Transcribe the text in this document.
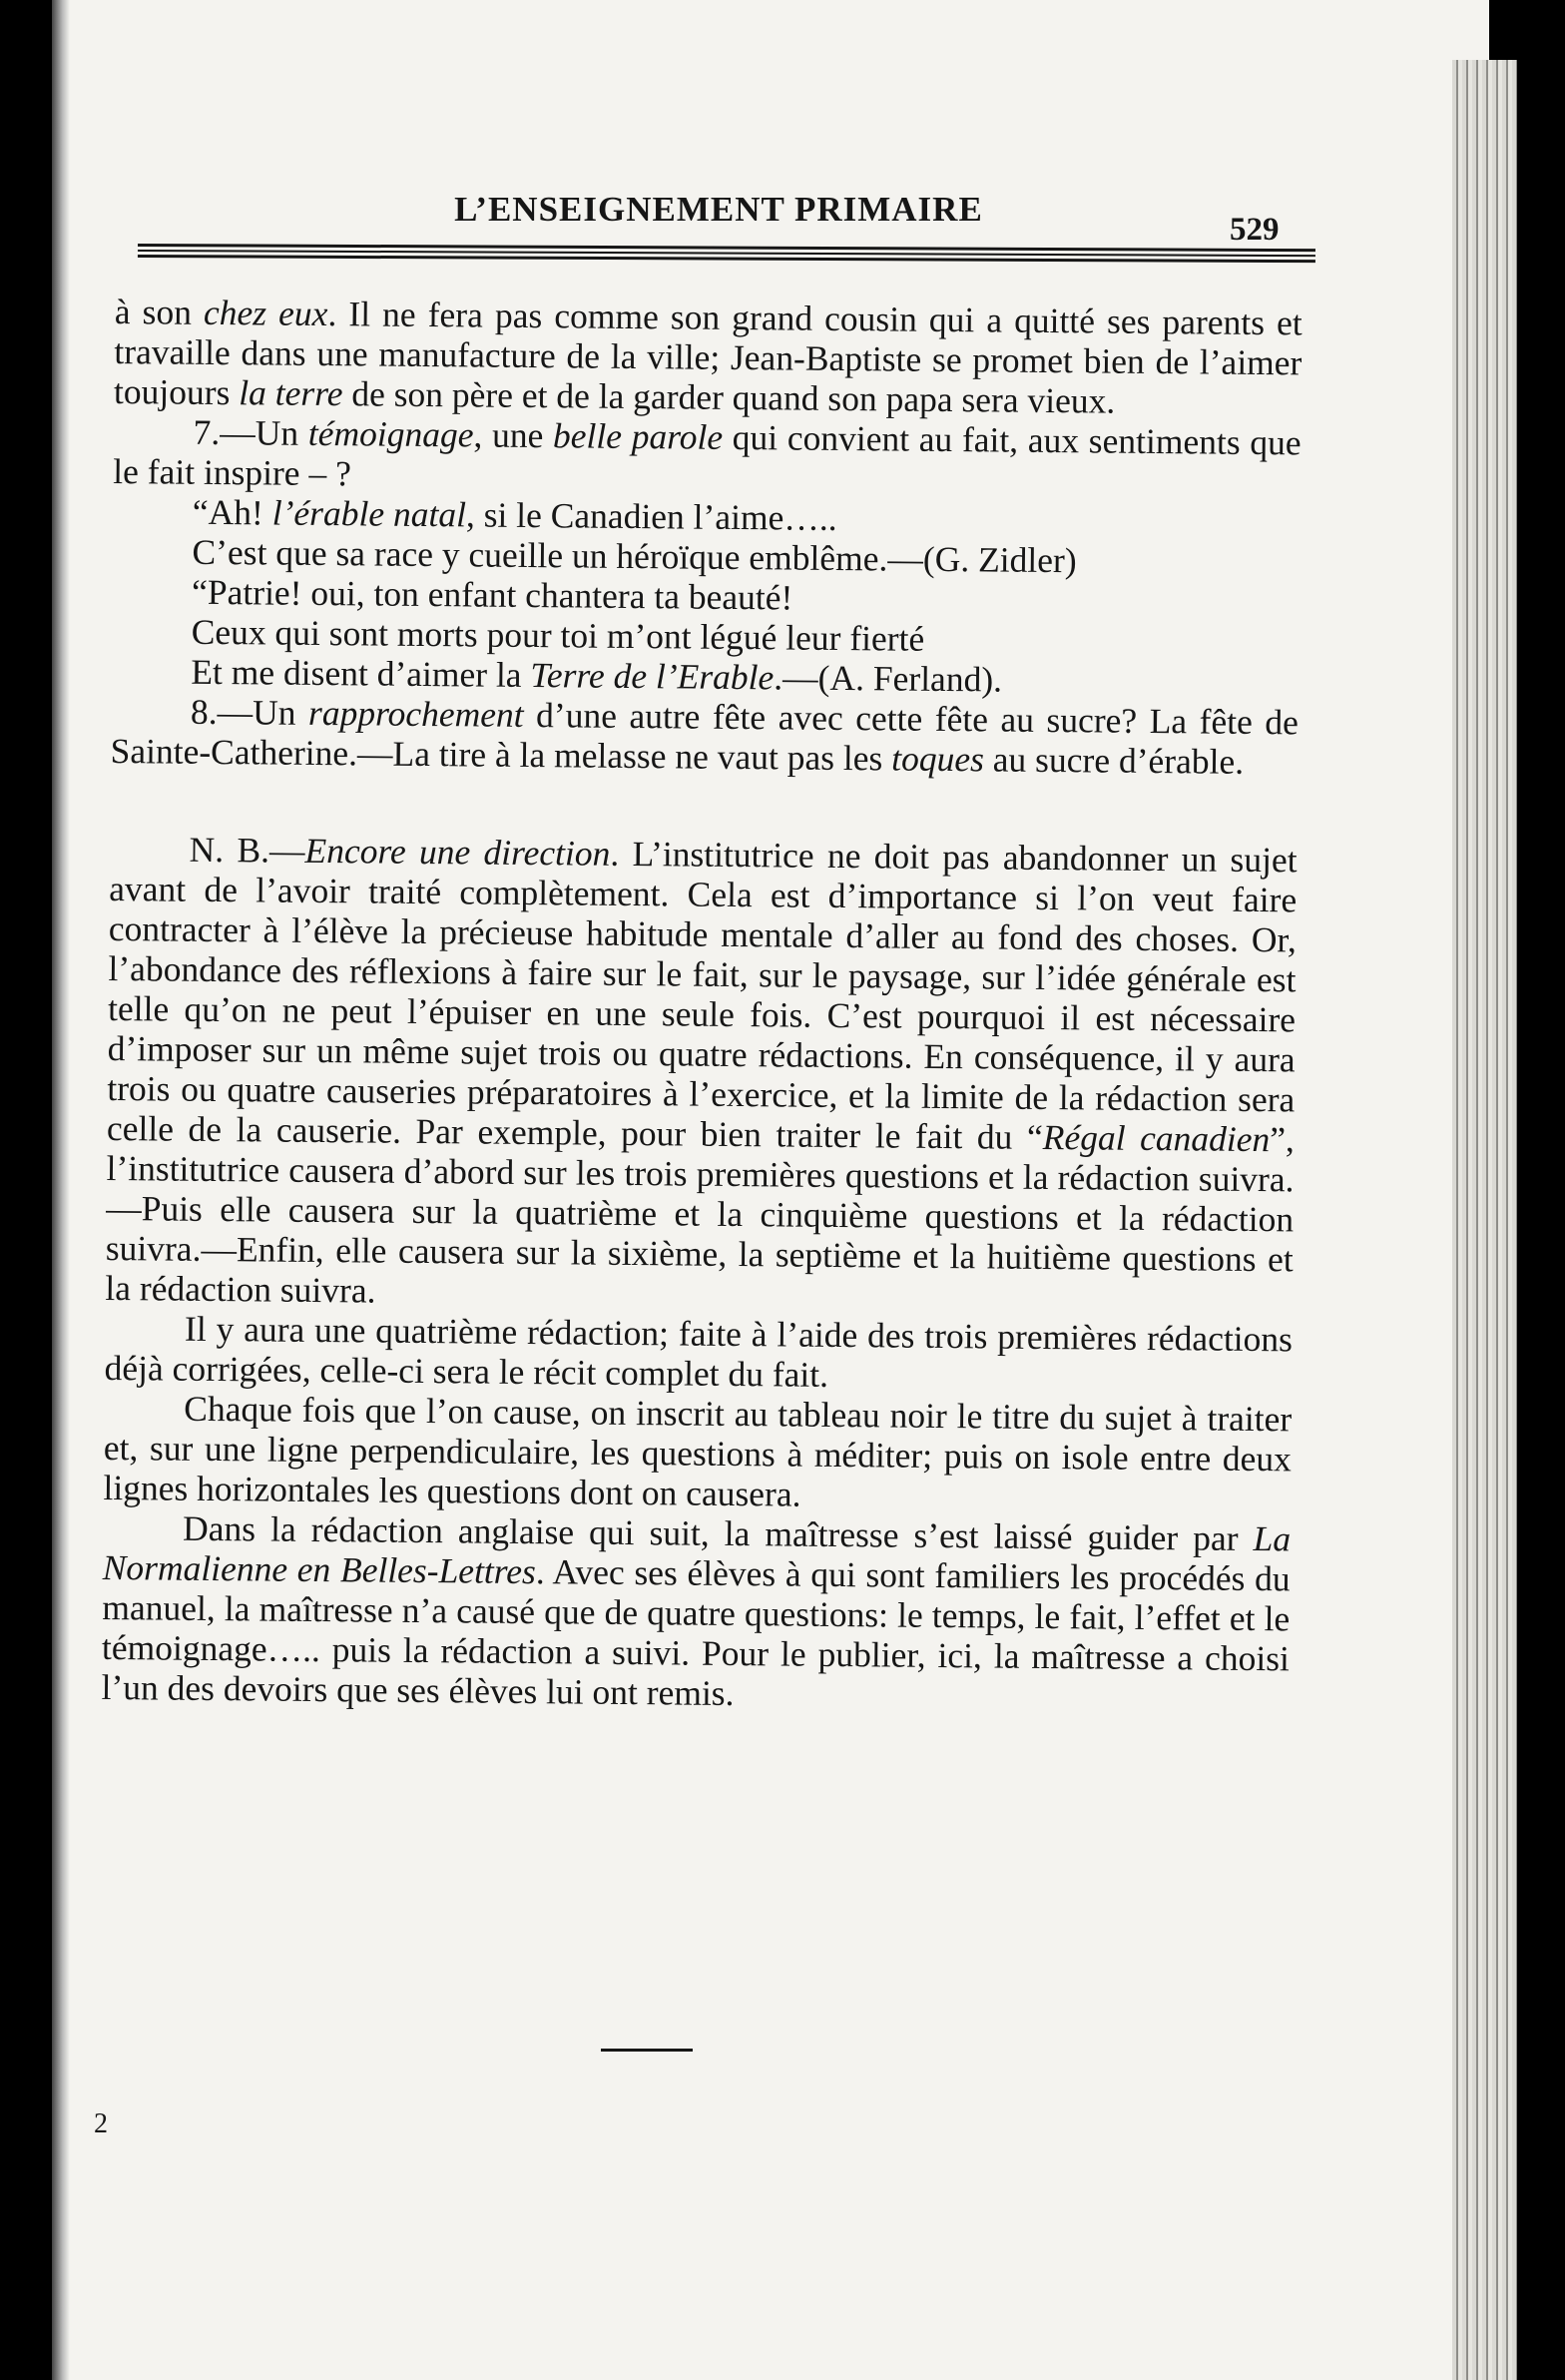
L’ENSEIGNEMENT PRIMAIRE
529

à son chez eux. Il ne fera pas comme son grand cousin qui a quitté ses parents et travaille dans une manufacture de la ville; Jean-Baptiste se promet bien de l’aimer toujours la terre de son père et de la garder quand son papa sera vieux.

7.—Un témoignage, une belle parole qui convient au fait, aux sentiments que le fait inspire – ?

“Ah! l’érable natal, si le Canadien l’aime…..

C’est que sa race y cueille un héroïque emblême.—(G. Zidler)

“Patrie! oui, ton enfant chantera ta beauté!

Ceux qui sont morts pour toi m’ont légué leur fierté

Et me disent d’aimer la Terre de l’Erable.—(A. Ferland).

8.—Un rapprochement d’une autre fête avec cette fête au sucre? La fête de Sainte-Catherine.—La tire à la melasse ne vaut pas les toques au sucre d’érable.

N. B.—Encore une direction. L’institutrice ne doit pas abandonner un sujet avant de l’avoir traité complètement. Cela est d’importance si l’on veut faire contracter à l’élève la précieuse habitude mentale d’aller au fond des choses. Or, l’abondance des réflexions à faire sur le fait, sur le paysage, sur l’idée générale est telle qu’on ne peut l’épuiser en une seule fois. C’est pourquoi il est nécessaire d’imposer sur un même sujet trois ou quatre rédactions. En conséquence, il y aura trois ou quatre causeries préparatoires à l’exercice, et la limite de la rédaction sera celle de la causerie. Par exemple, pour bien traiter le fait du “Régal canadien”, l’institutrice causera d’abord sur les trois premières questions et la rédaction suivra.—Puis elle causera sur la quatrième et la cinquième questions et la rédaction suivra.—Enfin, elle causera sur la sixième, la septième et la huitième questions et la rédaction suivra.

Il y aura une quatrième rédaction; faite à l’aide des trois premières rédactions déjà corrigées, celle-ci sera le récit complet du fait.

Chaque fois que l’on cause, on inscrit au tableau noir le titre du sujet à traiter et, sur une ligne perpendiculaire, les questions à méditer; puis on isole entre deux lignes horizontales les questions dont on causera.

Dans la rédaction anglaise qui suit, la maîtresse s’est laissé guider par La Normalienne en Belles-Lettres. Avec ses élèves à qui sont familiers les procédés du manuel, la maîtresse n’a causé que de quatre questions: le temps, le fait, l’effet et le témoignage….. puis la rédaction a suivi. Pour le publier, ici, la maîtresse a choisi l’un des devoirs que ses élèves lui ont remis.

2
